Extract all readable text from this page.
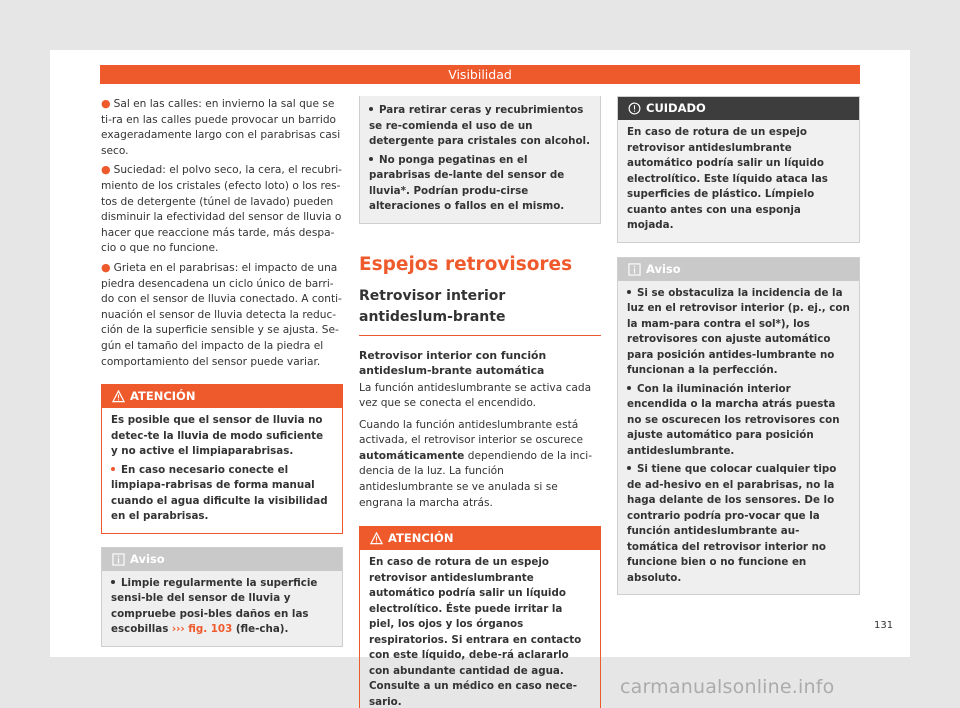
Visibilidad

● Sal en las calles: en invierno la sal que se ti-ra en las calles puede provocar un barrido exageradamente largo con el parabrisas casi seco.

● Suciedad: el polvo seco, la cera, el recubri-miento de los cristales (efecto loto) o los res-tos de detergente (túnel de lavado) pueden disminuir la efectividad del sensor de lluvia o hacer que reaccione más tarde, más despa-cio o que no funcione.

● Grieta en el parabrisas: el impacto de una piedra desencadena un ciclo único de barri-do con el sensor de lluvia conectado. A conti-nuación el sensor de lluvia detecta la reduc-ción de la superficie sensible y se ajusta. Se-gún el tamaño del impacto de la piedra el comportamiento del sensor puede variar.

ATENCIÓN
Es posible que el sensor de lluvia no detec-te la lluvia de modo suficiente y no active el limpiaparabrisas.
En caso necesario conecte el limpiapa-rabrisas de forma manual cuando el agua dificulte la visibilidad en el parabrisas.
Aviso
Limpie regularmente la superficie sensi-ble del sensor de lluvia y compruebe posi-bles daños en las escobillas ››› fig. 103 (fle-cha).
Para retirar ceras y recubrimientos se re-comienda el uso de un detergente para cristales con alcohol.
No ponga pegatinas en el parabrisas de-lante del sensor de lluvia*. Podrían produ-cirse alteraciones o fallos en el mismo.
Espejos retrovisores
Retrovisor interior antideslum-brante
Retrovisor interior con función antideslum-brante automática

La función antideslumbrante se activa cada vez que se conecta el encendido.

Cuando la función antideslumbrante está activada, el retrovisor interior se oscurece automáticamente dependiendo de la inci-dencia de la luz. La función antideslumbrante se ve anulada si se engrana la marcha atrás.

ATENCIÓN
En caso de rotura de un espejo retrovisor antideslumbrante automático podría salir un líquido electrolítico. Éste puede irritar la piel, los ojos y los órganos respiratorios. Si entrara en contacto con este líquido, debe-rá aclararlo con abundante cantidad de agua. Consulte a un médico en caso nece-sario.
CUIDADO
En caso de rotura de un espejo retrovisor antideslumbrante automático podría salir un líquido electrolítico. Este líquido ataca las superficies de plástico. Límpielo cuanto antes con una esponja mojada.
Aviso
Si se obstaculiza la incidencia de la luz en el retrovisor interior (p. ej., con la mam-para contra el sol*), los retrovisores con ajuste automático para posición antides-lumbrante no funcionan a la perfección.
Con la iluminación interior encendida o la marcha atrás puesta no se oscurecen los retrovisores con ajuste automático para posición antideslumbrante.
Si tiene que colocar cualquier tipo de ad-hesivo en el parabrisas, no la haga delante de los sensores. De lo contrario podría pro-vocar que la función antideslumbrante au-tomática del retrovisor interior no funcione bien o no funcione en absoluto.
131
carmanualsonline.info
